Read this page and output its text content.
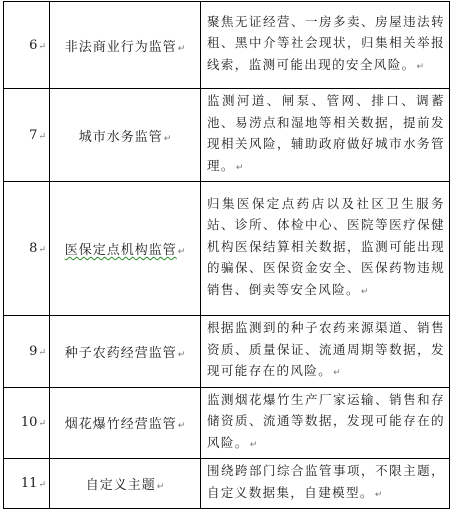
6↵	非法商业行为监管↵	聚焦无证经营、一房多卖、房屋违法转租、黑中介等社会现状，归集相关举报线索，监测可能出现的安全风险。↵
7↵	城市水务监管↵	监测河道、闸泵、管网、排口、调蓄池、易涝点和湿地等相关数据，提前发现相关风险，辅助政府做好城市水务管理。↵
8↵	医保定点机构监管↵	归集医保定点药店以及社区卫生服务站、诊所、体检中心、医院等医疗保健机构医保结算相关数据，监测可能出现的骗保、医保资金安全、医保药物违规销售、倒卖等安全风险。↵
9↵	种子农药经营监管↵	根据监测到的种子农药来源渠道、销售资质、质量保证、流通周期等数据，发现可能存在的风险。↵
10↵	烟花爆竹经营监管↵	监测烟花爆竹生产厂家运输、销售和存储资质、流通等数据，发现可能存在的风险。↵
11↵	自定义主题↵	围绕跨部门综合监管事项，不限主题，自定义数据集，自建模型。↵
